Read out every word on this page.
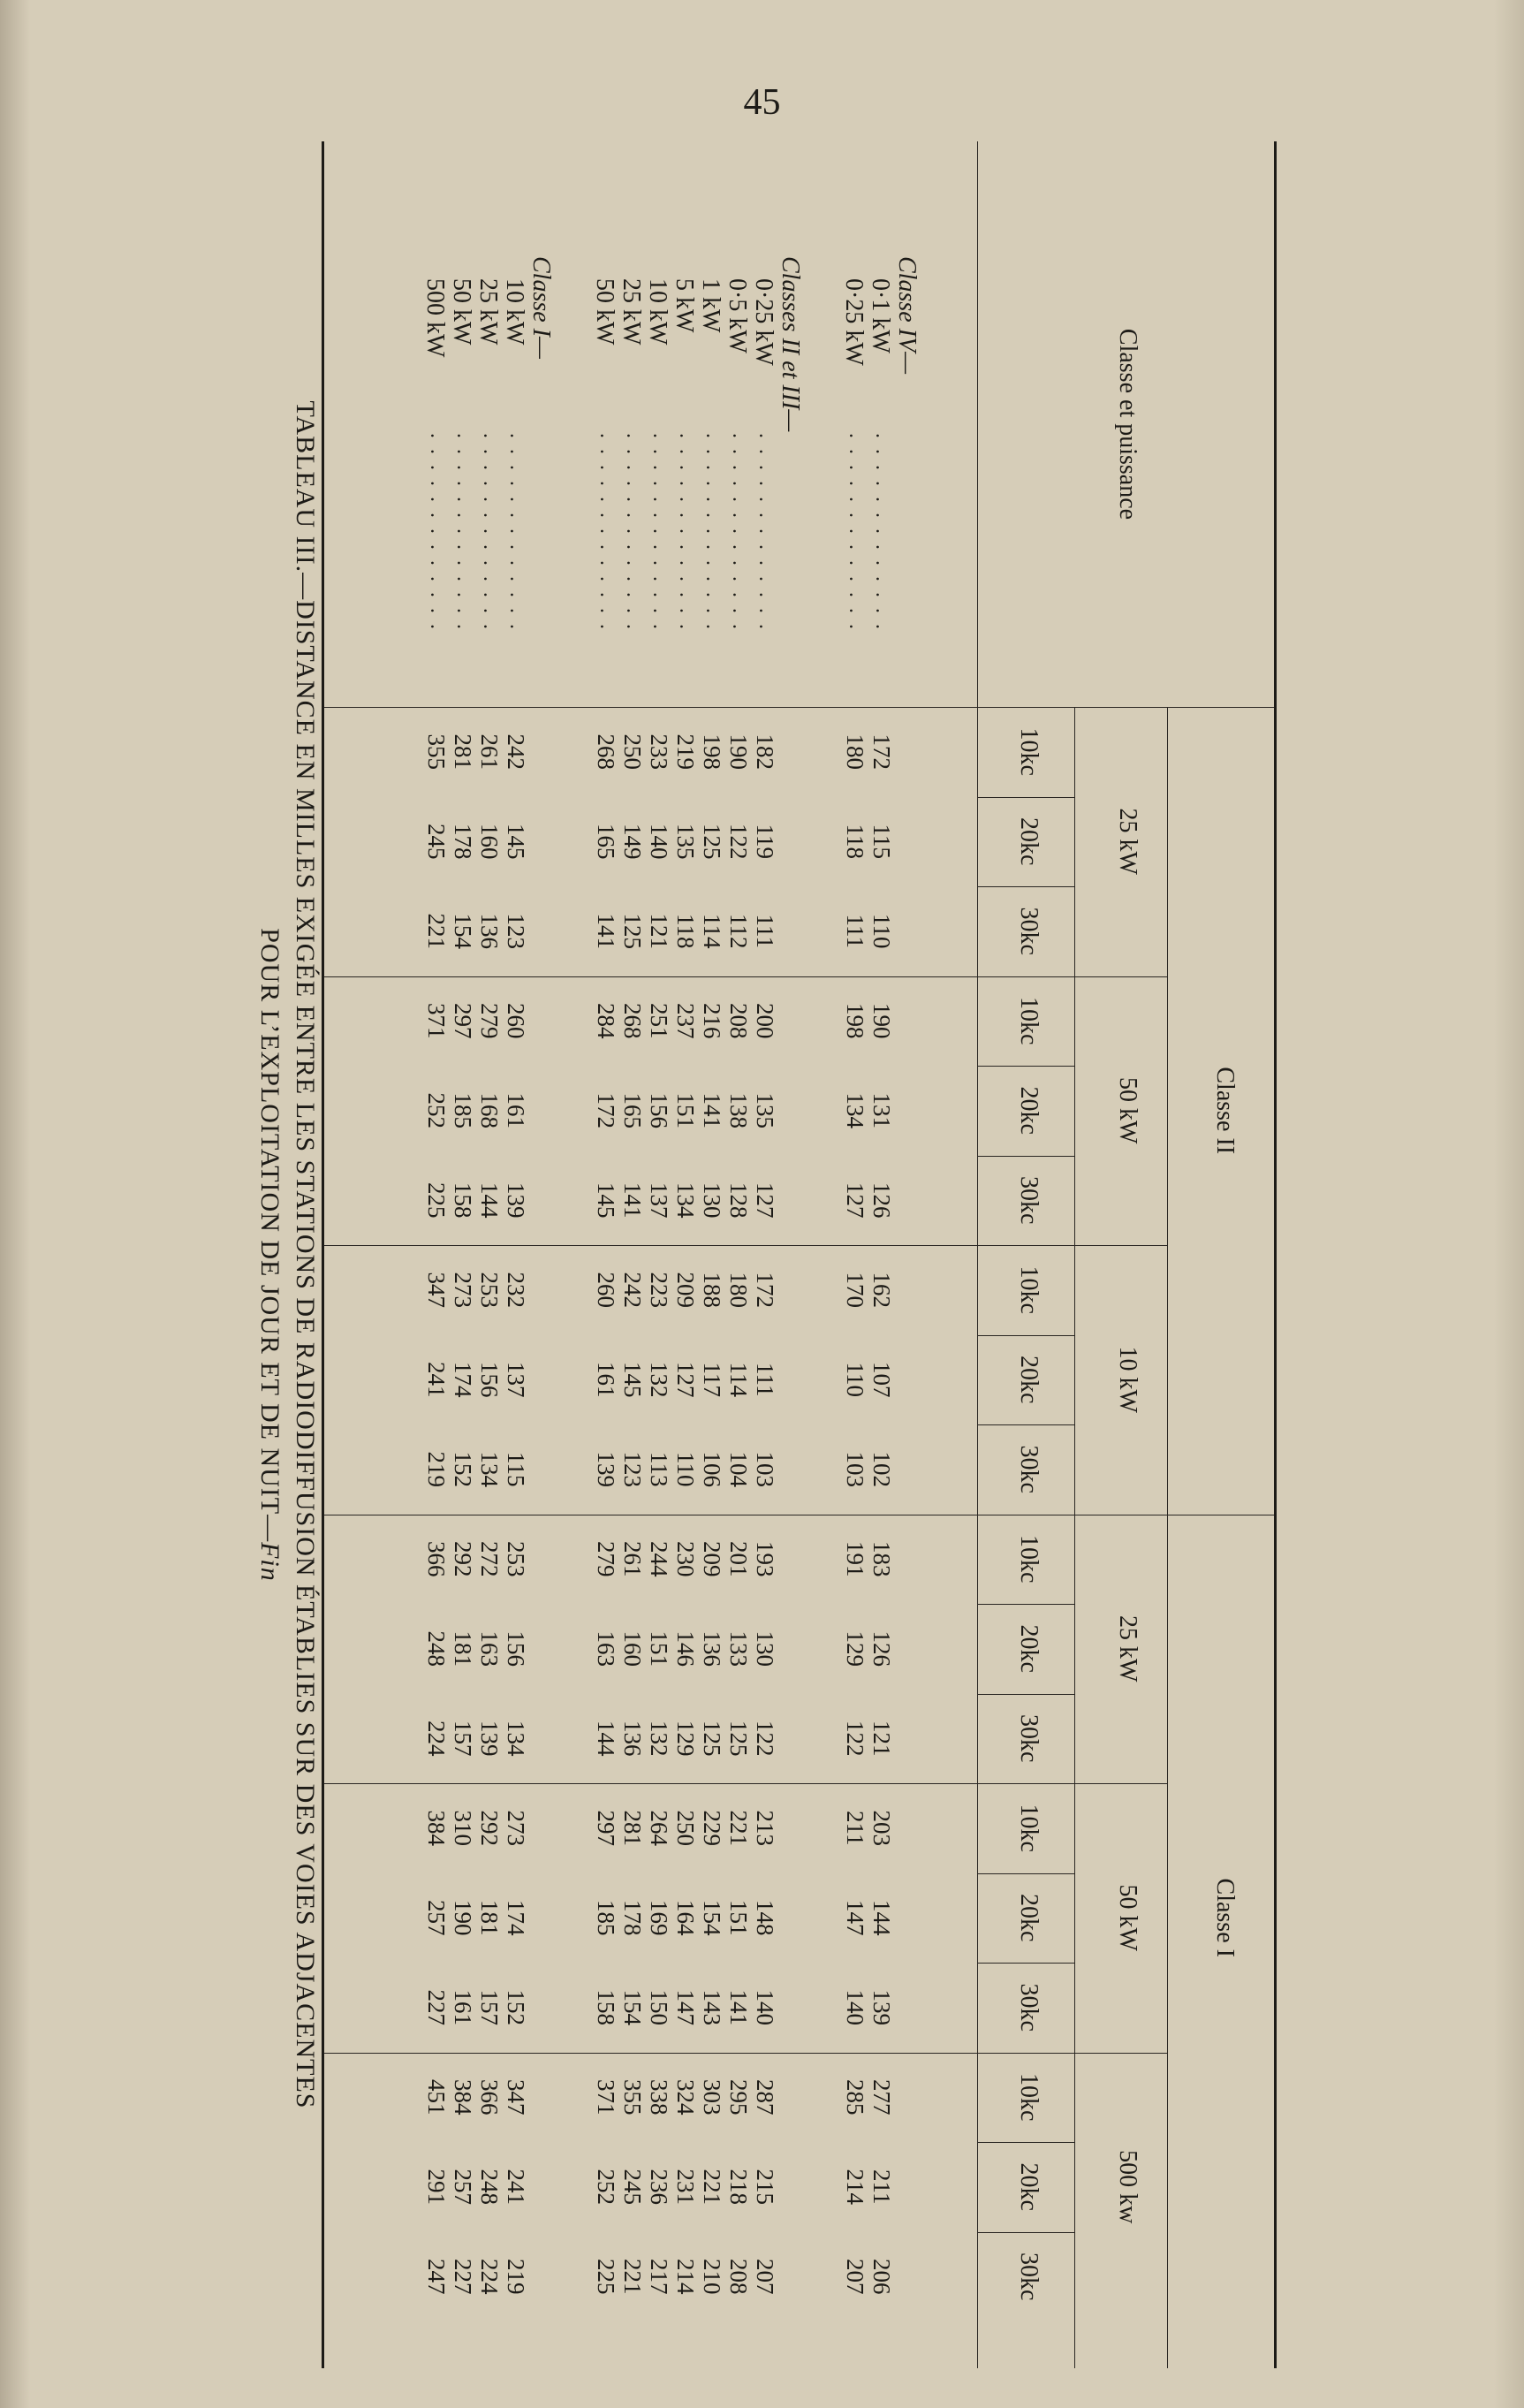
45
Classe et puissance
Classe II
Classe I
25 kW
50 kW
10 kW
25 kW
50 kW
500 kw
10kc
20kc
30kc
10kc
20kc
30kc
10kc
20kc
30kc
10kc
20kc
30kc
10kc
20kc
30kc
10kc
20kc
30kc
Classe IV—
0·1 kW
. . . . . . . . . . . . .
172
115
110
190
131
126
162
107
102
183
126
121
203
144
139
277
211
206
0·25 kW
. . . . . . . . . . . . .
180
118
111
198
134
127
170
110
103
191
129
122
211
147
140
285
214
207
Classes II et III—
0·25 kW
. . . . . . . . . . . . .
182
119
111
200
135
127
172
111
103
193
130
122
213
148
140
287
215
207
0·5 kW
. . . . . . . . . . . . .
190
122
112
208
138
128
180
114
104
201
133
125
221
151
141
295
218
208
1 kW
. . . . . . . . . . . . .
198
125
114
216
141
130
188
117
106
209
136
125
229
154
143
303
221
210
5 kW
. . . . . . . . . . . . .
219
135
118
237
151
134
209
127
110
230
146
129
250
164
147
324
231
214
10 kW
. . . . . . . . . . . . .
233
140
121
251
156
137
223
132
113
244
151
132
264
169
150
338
236
217
25 kW
. . . . . . . . . . . . .
250
149
125
268
165
141
242
145
123
261
160
136
281
178
154
355
245
221
50 kW
. . . . . . . . . . . . .
268
165
141
284
172
145
260
161
139
279
163
144
297
185
158
371
252
225
Classe I—
10 kW
. . . . . . . . . . . . .
242
145
123
260
161
139
232
137
115
253
156
134
273
174
152
347
241
219
25 kW
. . . . . . . . . . . . .
261
160
136
279
168
144
253
156
134
272
163
139
292
181
157
366
248
224
50 kW
. . . . . . . . . . . . .
281
178
154
297
185
158
273
174
152
292
181
157
310
190
161
384
257
227
500 kW
. . . . . . . . . . . . .
355
245
221
371
252
225
347
241
219
366
248
224
384
257
227
451
291
247
TABLEAU III.—DISTANCE EN MILLES EXIGÉE ENTRE LES STATIONS DE RADIODIFFUSION ÉTABLIES SUR DES VOIES ADJACENTES
POUR L’EXPLOITATION DE JOUR ET DE NUIT—Fin
